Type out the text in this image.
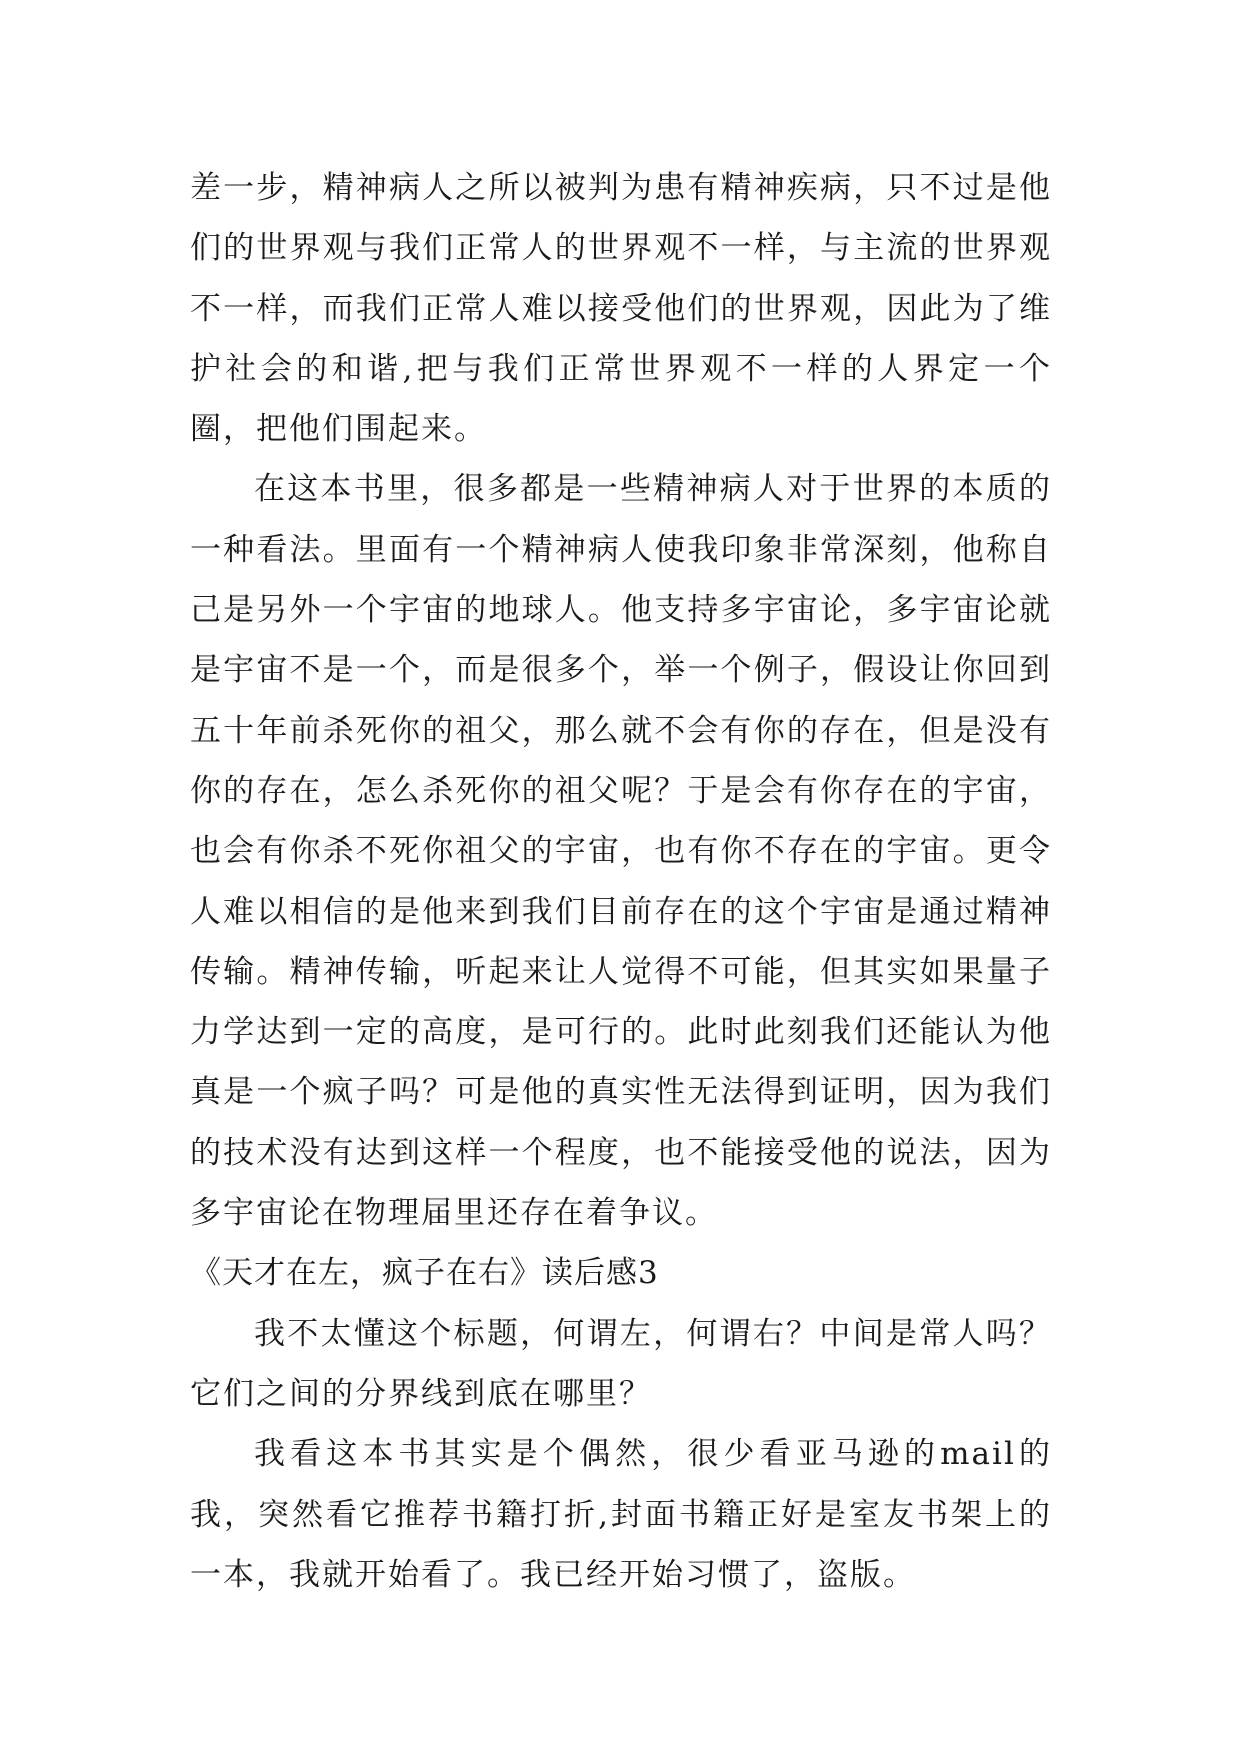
差一步，精神病人之所以被判为患有精神疾病，只不过是他们的世界观与我们正常人的世界观不一样，与主流的世界观不一样，而我们正常人难以接受他们的世界观，因此为了维护社会的和谐,把与我们正常世界观不一样的人界定一个圈，把他们围起来。

在这本书里，很多都是一些精神病人对于世界的本质的一种看法。里面有一个精神病人使我印象非常深刻，他称自己是另外一个宇宙的地球人。他支持多宇宙论，多宇宙论就是宇宙不是一个，而是很多个，举一个例子，假设让你回到五十年前杀死你的祖父，那么就不会有你的存在，但是没有你的存在，怎么杀死你的祖父呢？于是会有你存在的宇宙，也会有你杀不死你祖父的宇宙，也有你不存在的宇宙。更令人难以相信的是他来到我们目前存在的这个宇宙是通过精神传输。精神传输，听起来让人觉得不可能，但其实如果量子力学达到一定的高度，是可行的。此时此刻我们还能认为他真是一个疯子吗？可是他的真实性无法得到证明，因为我们的技术没有达到这样一个程度，也不能接受他的说法，因为多宇宙论在物理届里还存在着争议。

《天才在左，疯子在右》读后感3

我不太懂这个标题，何谓左，何谓右？中间是常人吗？它们之间的分界线到底在哪里？

我看这本书其实是个偶然，很少看亚马逊的mail的我，突然看它推荐书籍打折,封面书籍正好是室友书架上的一本，我就开始看了。我已经开始习惯了，盗版。
